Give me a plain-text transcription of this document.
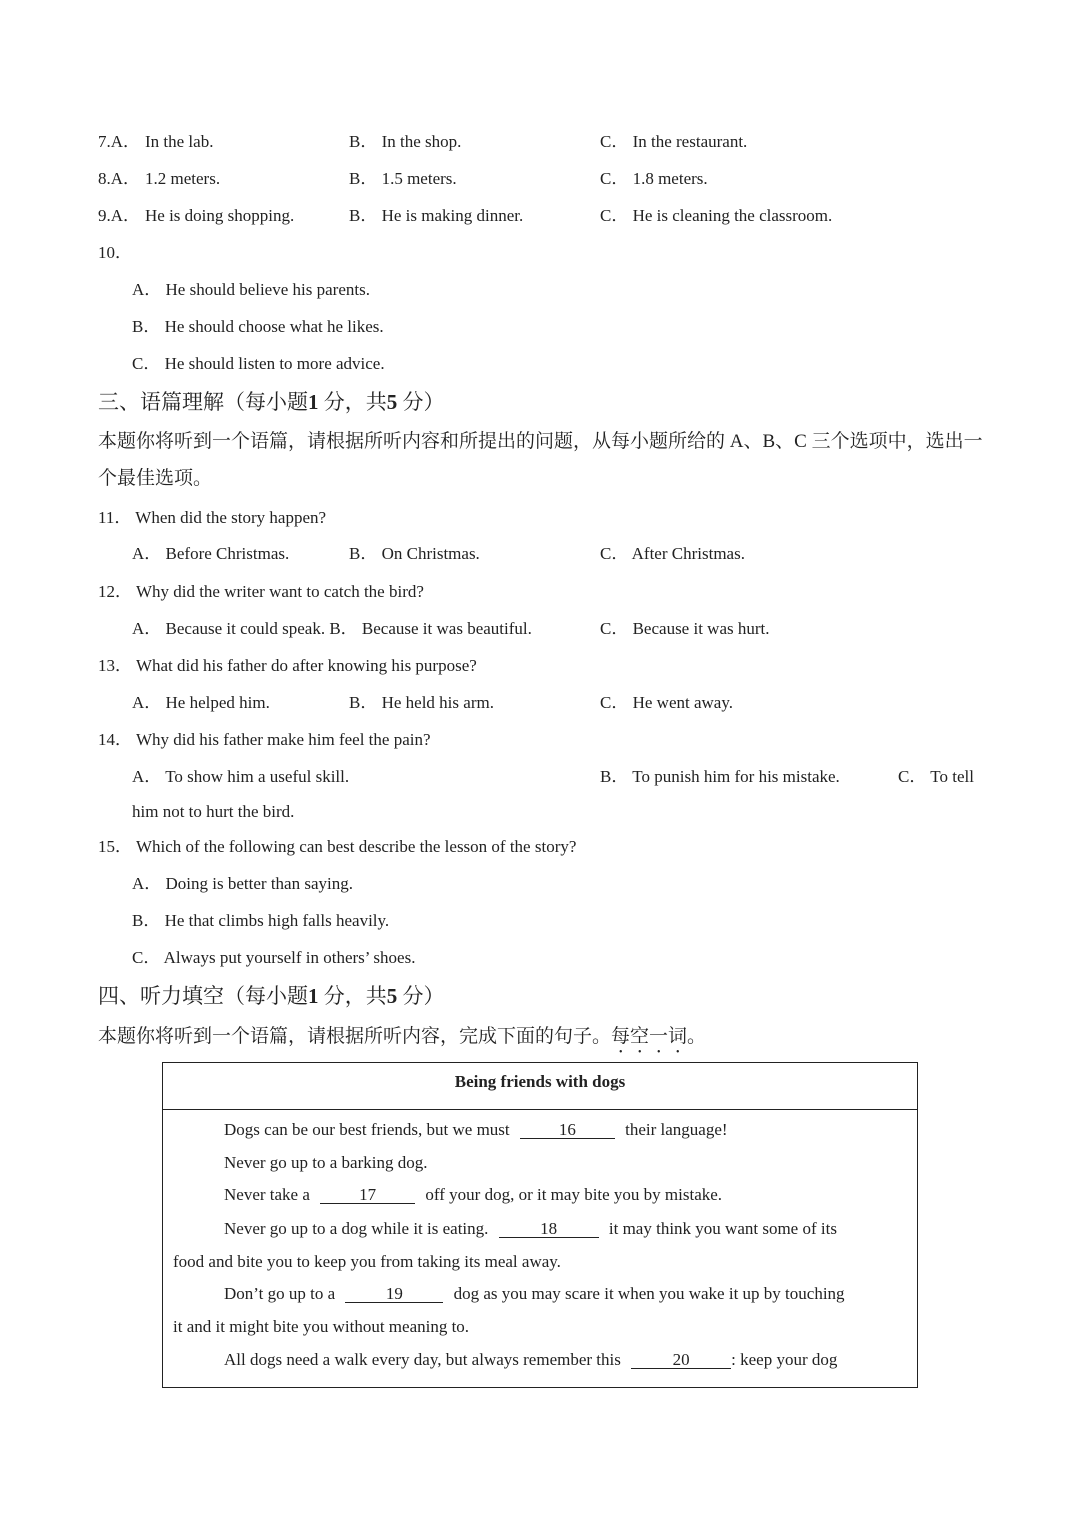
7.A． In the lab.	B． In the shop.	C． In the restaurant.
8.A． 1.2 meters.	B． 1.5 meters.	C． 1.8 meters.
9.A． He is doing shopping.	B． He is making dinner.	C． He is cleaning the classroom.
10．
A． He should believe his parents.
B． He should choose what he likes.
C． He should listen to more advice.
三、语篇理解（每小题1 分，共5 分）
本题你将听到一个语篇，请根据所听内容和所提出的问题，从每小题所给的 A、B、C 三个选项中，选出一
个最佳选项。
11． When did the story happen?
A． Before Christmas.	B． On Christmas.	C． After Christmas.
12． Why did the writer want to catch the bird?
A． Because it could speak. B． Because it was beautiful.	C． Because it was hurt.
13． What did his father do after knowing his purpose?
A． He helped him.	B． He held his arm.	C． He went away.
14． Why did his father make him feel the pain?
A． To show him a useful skill.	B． To punish him for his mistake.	C． To tell
him not to hurt the bird.
15． Which of the following can best describe the lesson of the story?
A． Doing is better than saying.
B． He that climbs high falls heavily.
C． Always put yourself in others’ shoes.
四、听力填空（每小题1 分，共5 分）
本题你将听到一个语篇，请根据所听内容，完成下面的句子。每空一词。
Being friends with dogs
Dogs can be our best friends, but we must	16	their language!
Never go up to a barking dog.
Never take a	17	off your dog, or it may bite you by mistake.
Never go up to a dog while it is eating.	18	it may think you want some of its
food and bite you to keep you from taking its meal away.
Don’t go up to a	19	dog as you may scare it when you wake it up by touching
it and it might bite you without meaning to.
All dogs need a walk every day, but always remember this	20 : keep your dog
